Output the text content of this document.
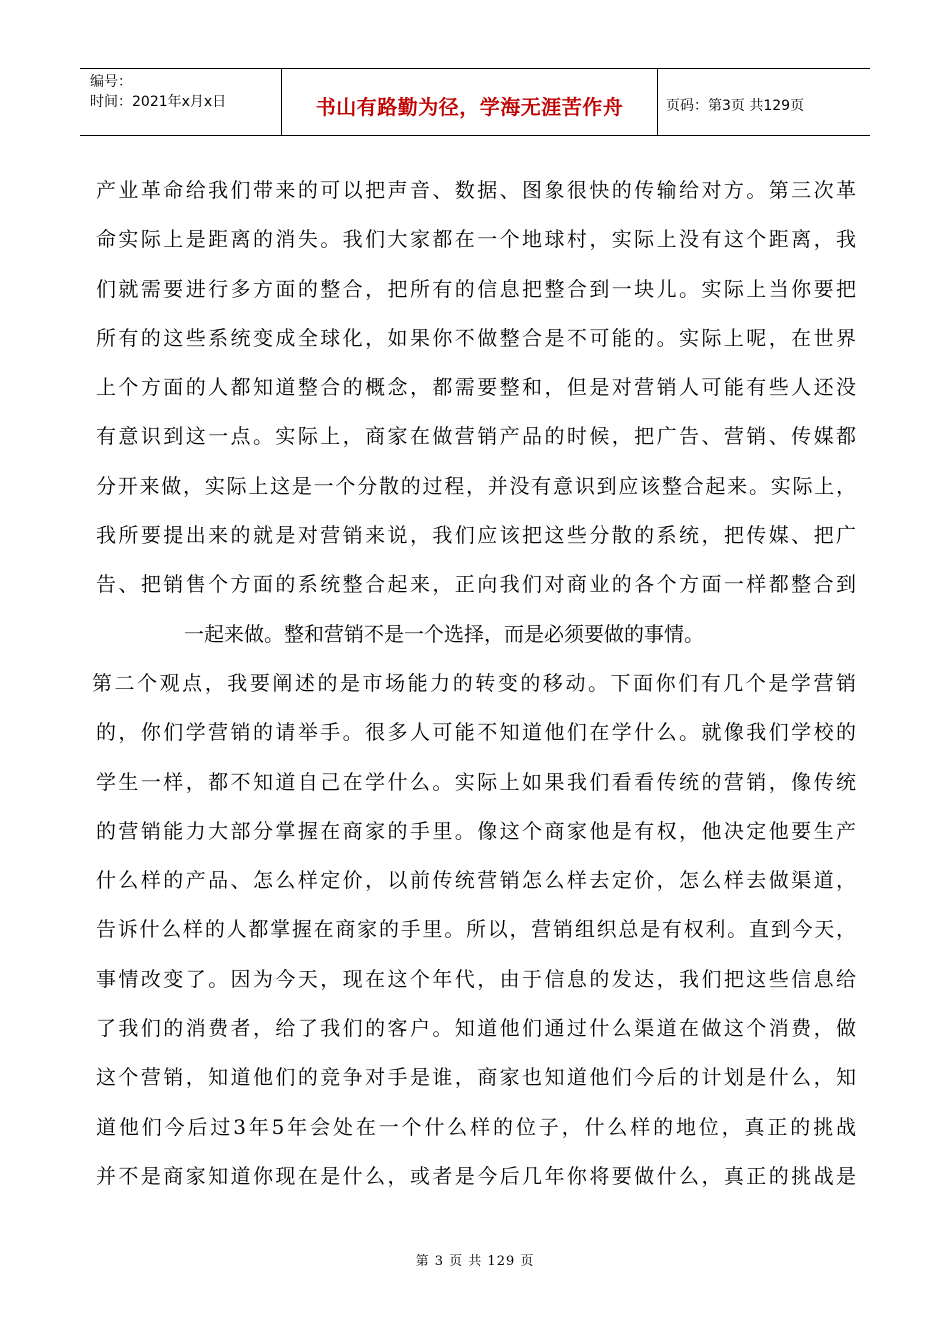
编号：
时间：2021年x月x日	书山有路勤为径，学海无涯苦作舟	页码：第3页 共129页
产业革命给我们带来的可以把声音、数据、图象很快的传输给对方。第三次革
命实际上是距离的消失。我们大家都在一个地球村，实际上没有这个距离，我
们就需要进行多方面的整合，把所有的信息把整合到一块儿。实际上当你要把
所有的这些系统变成全球化，如果你不做整合是不可能的。实际上呢，在世界
上个方面的人都知道整合的概念，都需要整和，但是对营销人可能有些人还没
有意识到这一点。实际上，商家在做营销产品的时候，把广告、营销、传媒都
分开来做，实际上这是一个分散的过程，并没有意识到应该整合起来。实际上，
我所要提出来的就是对营销来说，我们应该把这些分散的系统，把传媒、把广
告、把销售个方面的系统整合起来，正向我们对商业的各个方面一样都整合到
一起来做。整和营销不是一个选择，而是必须要做的事情。
第二个观点，我要阐述的是市场能力的转变的移动。下面你们有几个是学营销
的，你们学营销的请举手。很多人可能不知道他们在学什么。就像我们学校的
学生一样，都不知道自己在学什么。实际上如果我们看看传统的营销，像传统
的营销能力大部分掌握在商家的手里。像这个商家他是有权，他决定他要生产
什么样的产品、怎么样定价，以前传统营销怎么样去定价，怎么样去做渠道，
告诉什么样的人都掌握在商家的手里。所以，营销组织总是有权利。直到今天，
事情改变了。因为今天，现在这个年代，由于信息的发达，我们把这些信息给
了我们的消费者，给了我们的客户。知道他们通过什么渠道在做这个消费，做
这个营销，知道他们的竞争对手是谁，商家也知道他们今后的计划是什么，知
道他们今后过3年5年会处在一个什么样的位子，什么样的地位，真正的挑战
并不是商家知道你现在是什么，或者是今后几年你将要做什么，真正的挑战是
第 3 页 共 129 页
